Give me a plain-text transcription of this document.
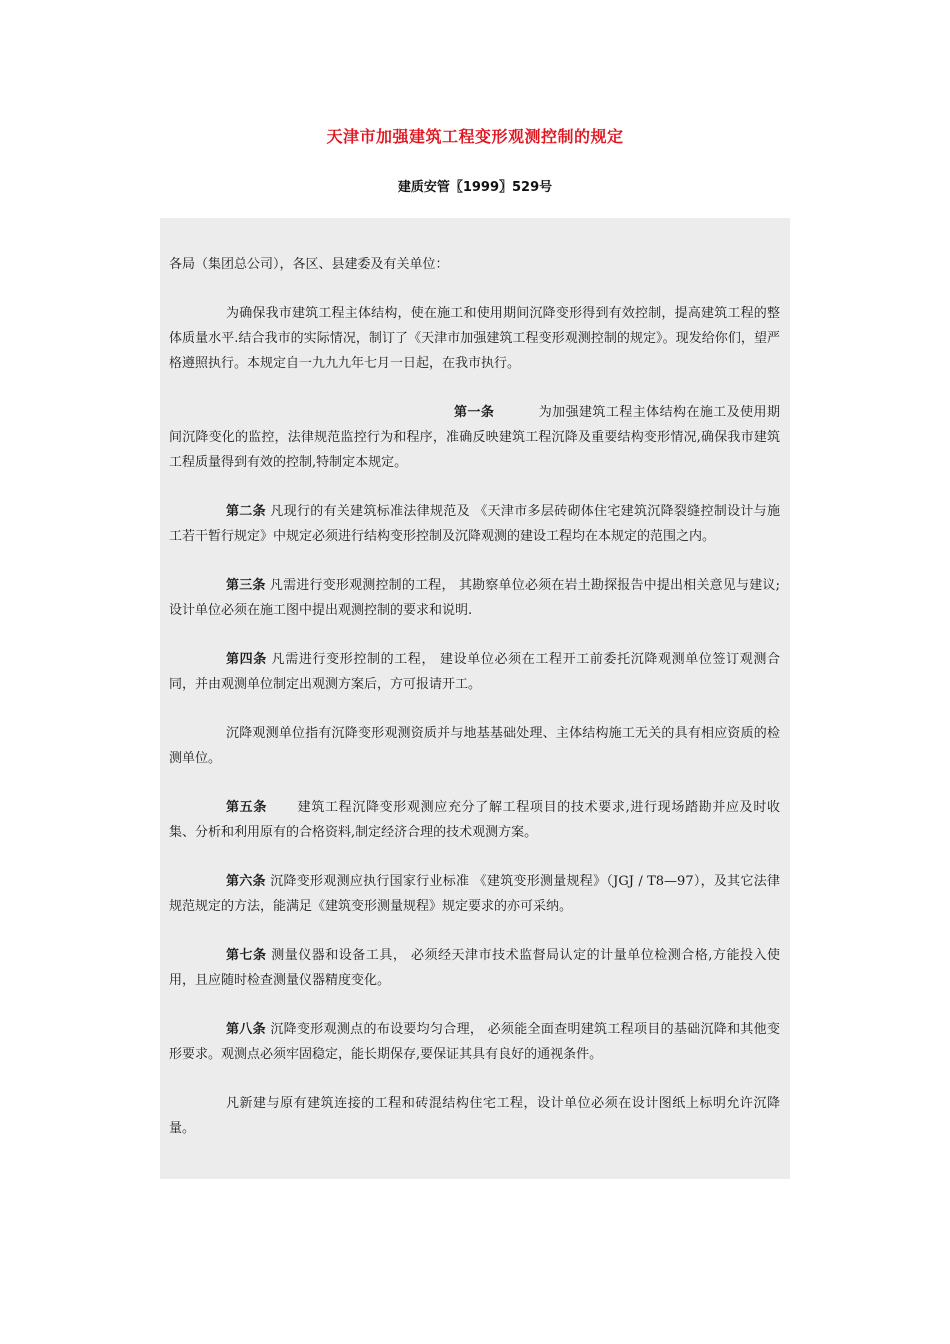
天津市加强建筑工程变形观测控制的规定
建质安管〖1999〗529号

各局（集团总公司），各区、县建委及有关单位：

为确保我市建筑工程主体结构，使在施工和使用期间沉降变形得到有效控制，提高建筑工程的整体质量水平.结合我市的实际情况，制订了《天津市加强建筑工程变形观测控制的规定》。现发给你们，望严格遵照执行。本规定自一九九九年七月一日起，在我市执行。

第一条	为加强建筑工程主体结构在施工及使用期间沉降变化的监控，法律规范监控行为和程序，准确反映建筑工程沉降及重要结构变形情况,确保我市建筑工程质量得到有效的控制,特制定本规定。

第二条 凡现行的有关建筑标准法律规范及 《天津市多层砖砌体住宅建筑沉降裂缝控制设计与施工若干暂行规定》中规定必须进行结构变形控制及沉降观测的建设工程均在本规定的范围之内。

第三条 凡需进行变形观测控制的工程， 其勘察单位必须在岩土勘探报告中提出相关意见与建议;设计单位必须在施工图中提出观测控制的要求和说明.

第四条 凡需进行变形控制的工程， 建设单位必须在工程开工前委托沉降观测单位签订观测合同，并由观测单位制定出观测方案后，方可报请开工。

沉降观测单位指有沉降变形观测资质并与地基基础处理、主体结构施工无关的具有相应资质的检测单位。

第五条 建筑工程沉降变形观测应充分了解工程项目的技术要求,进行现场踏勘并应及时收集、分析和利用原有的合格资料,制定经济合理的技术观测方案。

第六条 沉降变形观测应执行国家行业标准 《建筑变形测量规程》（JGJ / T8—97），及其它法律规范规定的方法，能满足《建筑变形测量规程》规定要求的亦可采纳。

第七条 测量仪器和设备工具， 必须经天津市技术监督局认定的计量单位检测合格,方能投入使用，且应随时检查测量仪器精度变化。

第八条 沉降变形观测点的布设要均匀合理， 必须能全面查明建筑工程项目的基础沉降和其他变形要求。观测点必须牢固稳定，能长期保存,要保证其具有良好的通视条件。

凡新建与原有建筑连接的工程和砖混结构住宅工程，设计单位必须在设计图纸上标明允许沉降量。
